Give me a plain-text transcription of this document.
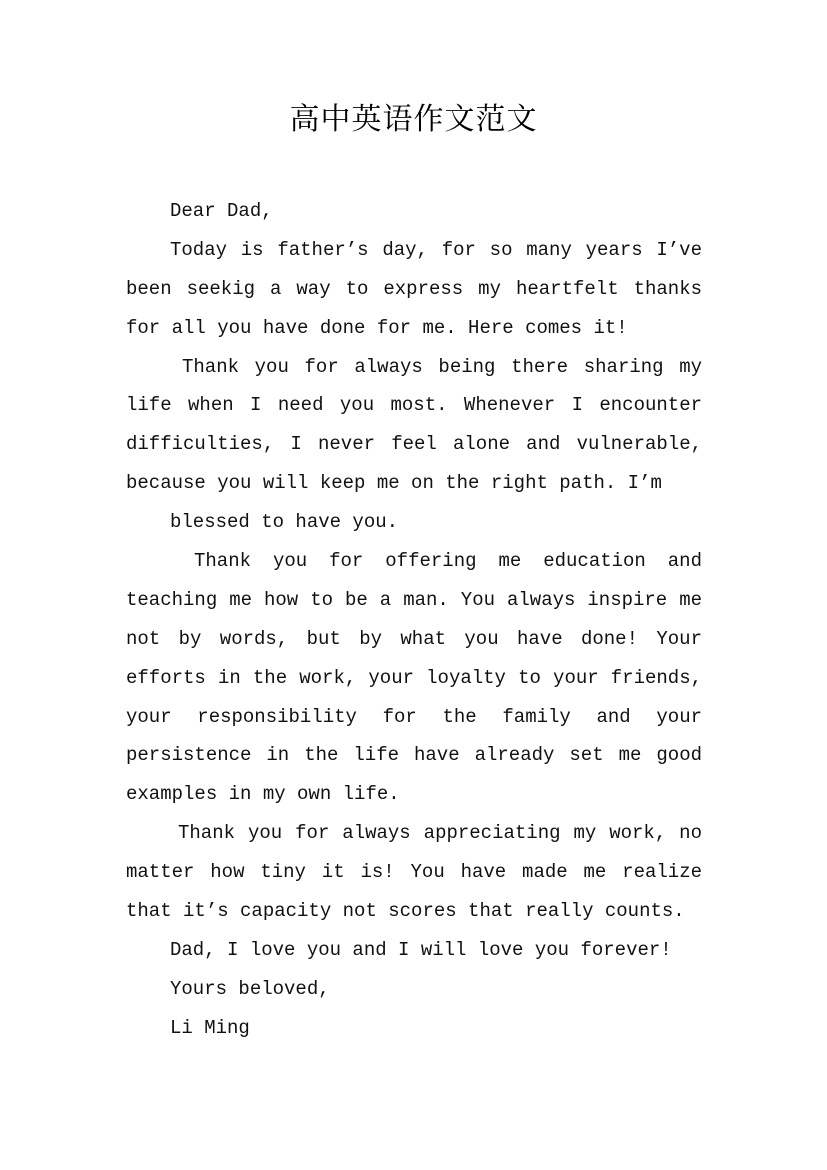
高中英语作文范文
Dear Dad,
Today is father’s day, for so many years I’ve
been seekig a way to express my heartfelt thanks
for all you have done for me. Here comes it!
Thank you for always being there sharing my
life when I need you most. Whenever I encounter
difficulties, I never feel alone and vulnerable,
because you will keep me on the right path. I’m
blessed to have you.
Thank you for offering me education and
teaching me how to be a man. You always inspire me
not by words, but by what you have done! Your
efforts in the work, your loyalty to your friends,
your responsibility for the family and your
persistence in the life have already set me good
examples in my own life.
Thank you for always appreciating my work, no
matter how tiny it is! You have made me realize
that it’s capacity not scores that really counts.
Dad, I love you and I will love you forever!
Yours beloved,
Li Ming
